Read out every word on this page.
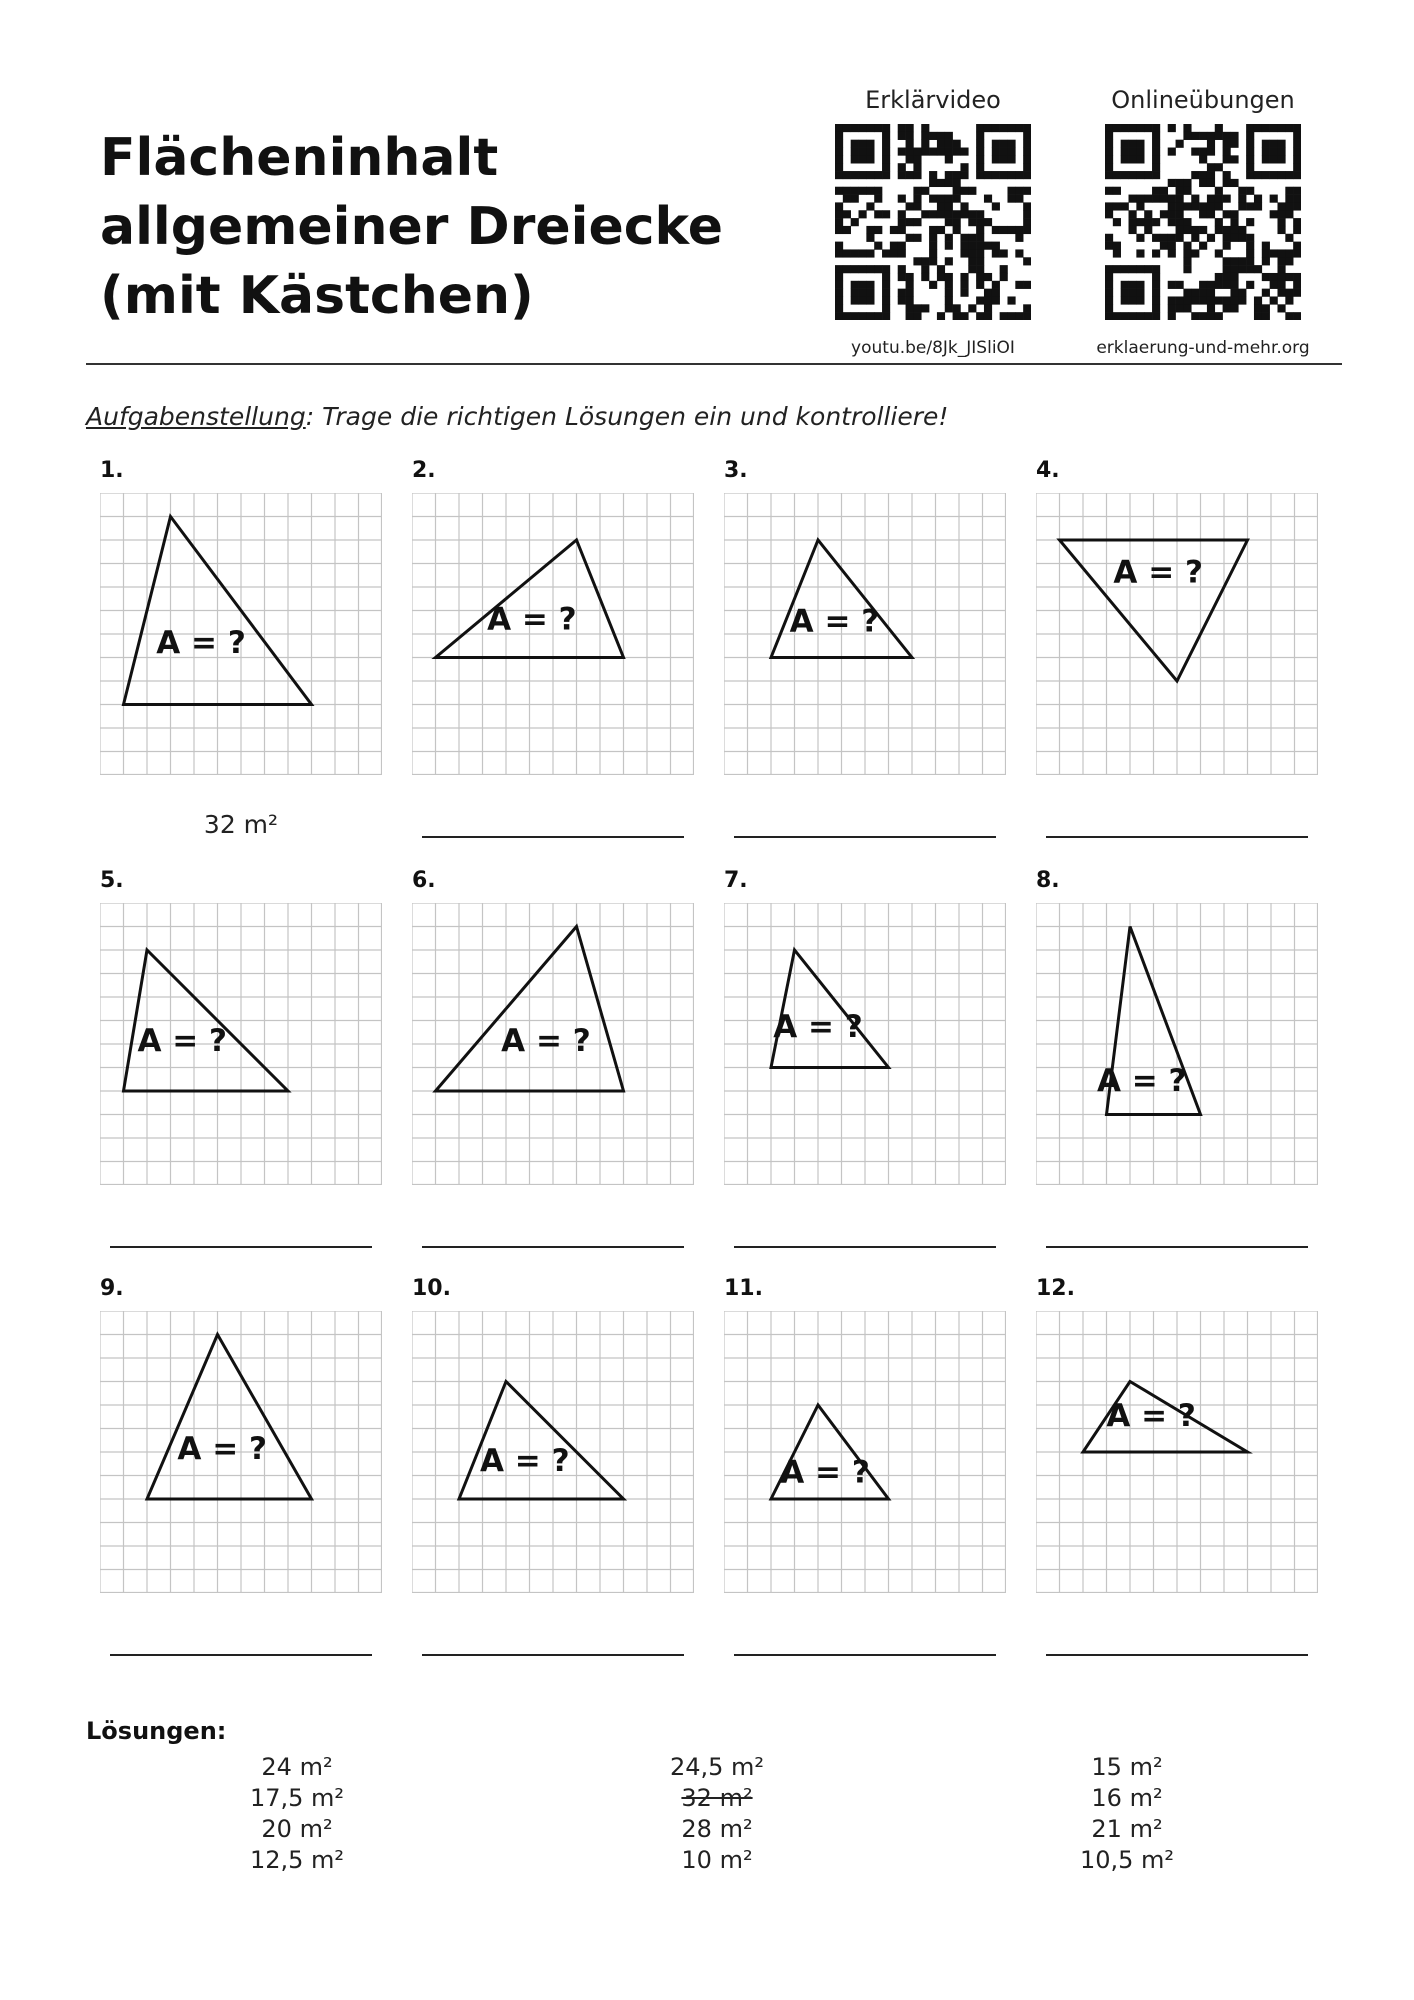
Flächeninhalt
allgemeiner Dreiecke
(mit Kästchen)
Erklärvideo
youtu.be/8Jk_JISliOI
Onlineübungen
erklaerung-und-mehr.org
Aufgabenstellung: Trage die richtigen Lösungen ein und kontrolliere!
1.
A = ?
32 m²
2.
A = ?
3.
A = ?
4.
A = ?
5.
A = ?
6.
A = ?
7.
A = ?
8.
A = ?
9.
A = ?
10.
A = ?
11.
A = ?
12.
A = ?
Lösungen:
24 m²
17,5 m²
20 m²
12,5 m²
24,5 m²
32 m²
28 m²
10 m²
15 m²
16 m²
21 m²
10,5 m²
